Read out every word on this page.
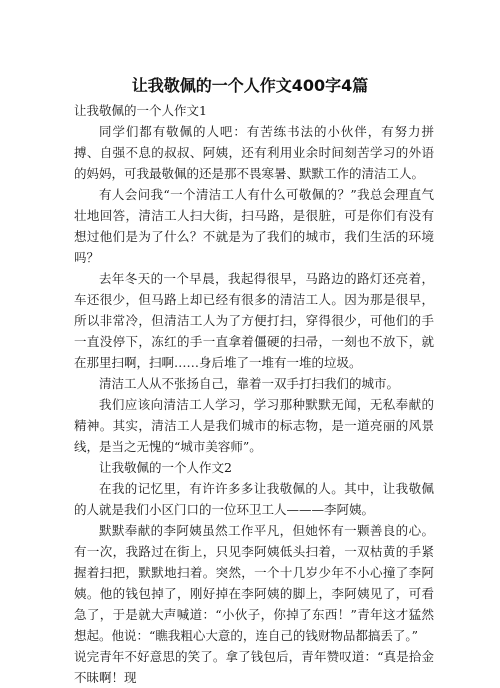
让我敬佩的一个人作文400字4篇

让我敬佩的一个人作文1

同学们都有敬佩的人吧：有苦练书法的小伙伴，有努力拼搏、自强不息的叔叔、阿姨，还有利用业余时间刻苦学习的外语的妈妈，可我最敬佩的还是那不畏寒暑、默默工作的清洁工人。

有人会问我“一个清洁工人有什么可敬佩的？”我总会理直气壮地回答，清洁工人扫大街，扫马路，是很脏，可是你们有没有想过他们是为了什么？不就是为了我们的城市，我们生活的环境吗？

去年冬天的一个早晨，我起得很早，马路边的路灯还亮着，车还很少，但马路上却已经有很多的清洁工人。因为那是很早，所以非常冷，但清洁工人为了方便打扫，穿得很少，可他们的手一直没停下，冻红的手一直拿着僵硬的扫帚，一刻也不放下，就在那里扫啊，扫啊……身后堆了一堆有一堆的垃圾。

清洁工人从不张扬自己，靠着一双手打扫我们的城市。

我们应该向清洁工人学习，学习那种默默无闻，无私奉献的精神。其实，清洁工人是我们城市的标志物，是一道亮丽的风景线，是当之无愧的“城市美容师”。

让我敬佩的一个人作文2

在我的记忆里，有许许多多让我敬佩的人。其中，让我敬佩的人就是我们小区门口的一位环卫工人———李阿姨。

默默奉献的李阿姨虽然工作平凡，但她怀有一颗善良的心。有一次，我路过在街上，只见李阿姨低头扫着，一双枯黄的手紧握着扫把，默默地扫着。突然，一个十几岁少年不小心撞了李阿姨。他的钱包掉了，刚好掉在李阿姨的脚上，李阿姨见了，可看急了，于是就大声喊道：“小伙子，你掉了东西！”青年这才猛然想起。他说：“瞧我粗心大意的，连自己的钱财物品都搞丢了。”

说完青年不好意思的笑了。拿了钱包后，青年赞叹道：“真是拾金不昧啊！现
